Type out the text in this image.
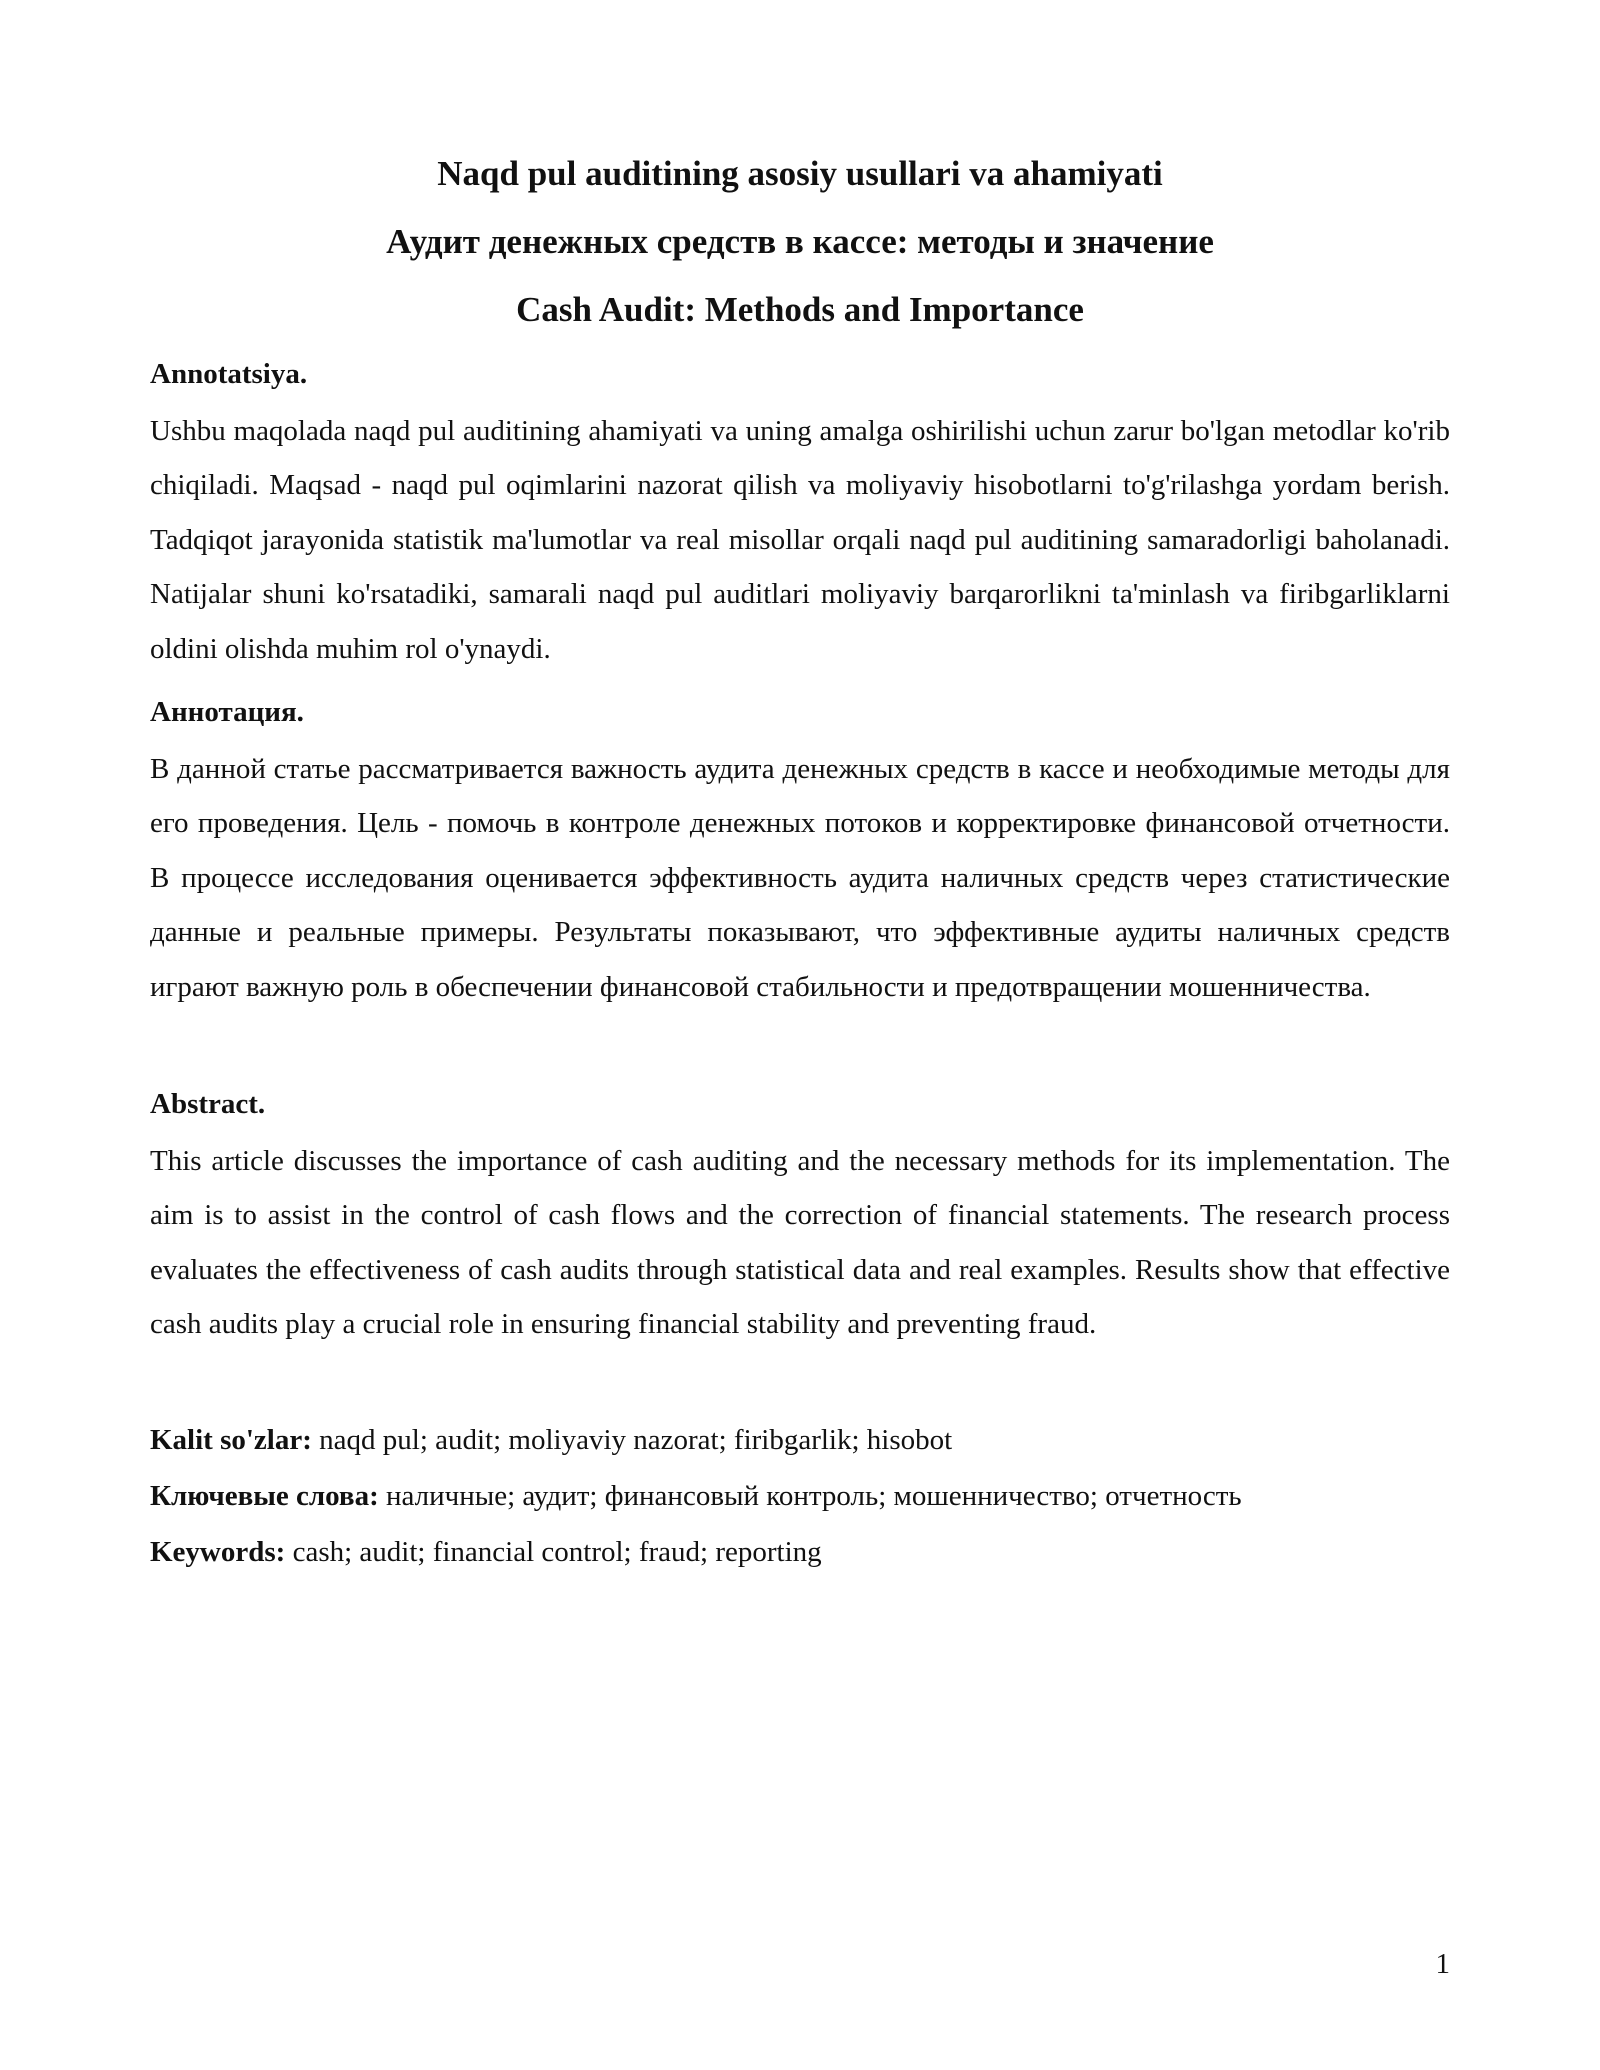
Naqd pul auditining asosiy usullari va ahamiyati

Аудит денежных средств в кассе: методы и значение

Cash Audit: Methods and Importance

Annotatsiya.

Ushbu maqolada naqd pul auditining ahamiyati va uning amalga oshirilishi uchun zarur bo'lgan metodlar ko'rib chiqiladi. Maqsad - naqd pul oqimlarini nazorat qilish va moliyaviy hisobotlarni to'g'rilashga yordam berish. Tadqiqot jarayonida statistik ma'lumotlar va real misollar orqali naqd pul auditining samaradorligi baholanadi. Natijalar shuni ko'rsatadiki, samarali naqd pul auditlari moliyaviy barqarorlikni ta'minlash va firibgarliklarni oldini olishda muhim rol o'ynaydi.

Аннотация.

В данной статье рассматривается важность аудита денежных средств в кассе и необходимые методы для его проведения. Цель - помочь в контроле денежных потоков и корректировке финансовой отчетности. В процессе исследования оценивается эффективность аудита наличных средств через статистические данные и реальные примеры. Результаты показывают, что эффективные аудиты наличных средств играют важную роль в обеспечении финансовой стабильности и предотвращении мошенничества.

Abstract.

This article discusses the importance of cash auditing and the necessary methods for its implementation. The aim is to assist in the control of cash flows and the correction of financial statements. The research process evaluates the effectiveness of cash audits through statistical data and real examples. Results show that effective cash audits play a crucial role in ensuring financial stability and preventing fraud.

Kalit so'zlar: naqd pul; audit; moliyaviy nazorat; firibgarlik; hisobot
Ключевые слова: наличные; аудит; финансовый контроль; мошенничество; отчетность
Keywords: cash; audit; financial control; fraud; reporting
1
